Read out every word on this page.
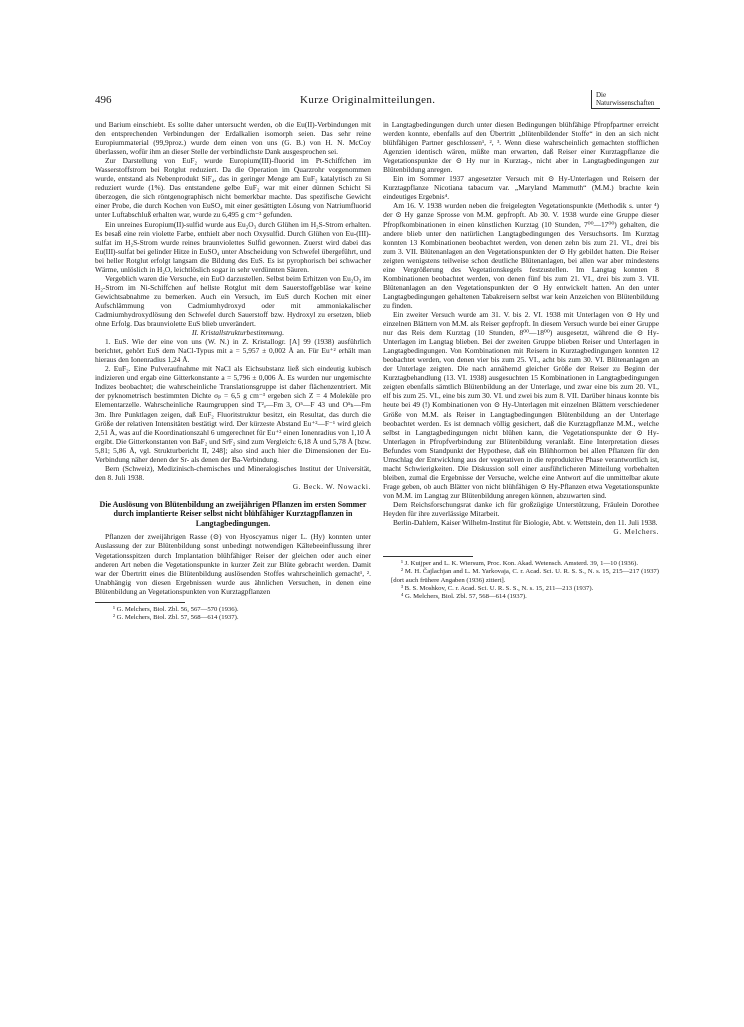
496	Kurze Originalmitteilungen.	Die Naturwissenschaften

und Barium einschiebt. Es sollte daher untersucht werden, ob die Eu(II)-Verbindungen mit den entsprechenden Verbindungen der Erdalkalien isomorph seien. Das sehr reine Europiummaterial (99,9proz.) wurde dem einen von uns (G. B.) von H. N. McCoy überlassen, wofür ihm an dieser Stelle der verbindlichste Dank ausgesprochen sei.

Zur Darstellung von EuF₂ wurde Europium(III)-fluorid im Pt-Schiffchen im Wasserstoffstrom bei Rotglut reduziert. Da die Operation im Quarzrohr vorgenommen wurde, entstand als Nebenprodukt SiF₄, das in geringer Menge am EuF₂ katalytisch zu Si reduziert wurde (1%). Das entstandene gelbe EuF₂ war mit einer dünnen Schicht Si überzogen, die sich röntgenographisch nicht bemerkbar machte. Das spezifische Gewicht einer Probe, die durch Kochen von EuSO₄ mit einer gesättigten Lösung von Natriumfluorid unter Luftabschluß erhalten war, wurde zu 6,495 g cm⁻³ gefunden.

Ein unreines Europium(II)-sulfid wurde aus Eu₂O₃ durch Glühen im H₂S-Strom erhalten. Es besaß eine rein violette Farbe, enthielt aber noch Oxysulfid. Durch Glühen von Eu-(III)-sulfat im H₂S-Strom wurde reines braunviolettes Sulfid gewonnen. Zuerst wird dabei das Eu(III)-sulfat bei gelinder Hitze in EuSO₄ unter Abscheidung von Schwefel übergeführt, und bei heller Rotglut erfolgt langsam die Bildung des EuS. Es ist pyrophorisch bei schwacher Wärme, unlöslich in H₂O, leichtlöslich sogar in sehr verdünnten Säuren.

Vergeblich waren die Versuche, ein EuO darzustellen. Selbst beim Erhitzen von Eu₂O₃ im H₂-Strom im Ni-Schiffchen auf hellste Rotglut mit dem Sauerstoffgebläse war keine Gewichtsabnahme zu bemerken. Auch ein Versuch, im EuS durch Kochen mit einer Aufschlämmung von Cadmiumhydroxyd oder mit ammoniakalischer Cadmiumhydroxydlösung den Schwefel durch Sauerstoff bzw. Hydroxyl zu ersetzen, blieb ohne Erfolg. Das braunviolette EuS blieb unverändert.

II. Kristallstrukturbestimmung.

1. EuS. Wie der eine von uns (W. N.) in Z. Kristallogr. [A] 99 (1938) ausführlich berichtet, gehört EuS dem NaCl-Typus mit a = 5,957 ± 0,002 Å an. Für Eu⁺² erhält man hieraus den Ionenradius 1,24 Å.

2. EuF₂. Eine Pulveraufnahme mit NaCl als Eichsubstanz ließ sich eindeutig kubisch indizieren und ergab eine Gitterkonstante a = 5,796 ± 0,006 Å. Es wurden nur ungemischte Indizes beobachtet; die wahrscheinliche Translationsgruppe ist daher flächenzentriert. Mit der pyknometrisch bestimmten Dichte σₚ = 6,5 g cm⁻³ ergeben sich Z = 4 Moleküle pro Elementarzelle. Wahrscheinliche Raumgruppen sind T²ₐ—Fm 3, O⁵—F 43 und O⁵ₕ—Fm 3m. Ihre Punktlagen zeigen, daß EuF₂ Fluoritstruktur besitzt, ein Resultat, das durch die Größe der relativen Intensitäten bestätigt wird. Der kürzeste Abstand Eu⁺²—F⁻¹ wird gleich 2,51 Å, was auf die Koordinationszahl 6 umgerechnet für Eu⁺² einen Ionenradius von 1,10 Å ergibt. Die Gitterkonstanten von BaF₂ und SrF₂ sind zum Vergleich: 6,18 Å und 5,78 Å [bzw. 5,81; 5,86 Å, vgl. Strukturbericht II, 248]; also sind auch hier die Dimensionen der Eu-Verbindung näher denen der Sr- als denen der Ba-Verbindung.

Bern (Schweiz), Medizinisch-chemisches und Mineralogisches Institut der Universität, den 8. Juli 1938.

G. Beck. W. Nowacki.

Die Auslösung von Blütenbildung an zweijährigen Pflanzen im ersten Sommer durch implantierte Reiser selbst nicht blühfähiger Kurztagpflanzen in Langtagbedingungen.

Pflanzen der zweijährigen Rasse (⊙) von Hyoscyamus niger L. (Hy) konnten unter Auslassung der zur Blütenbildung sonst unbedingt notwendigen Kältebeeinflussung ihrer Vegetationsspitzen durch Implantation blühfähiger Reiser der gleichen oder auch einer anderen Art neben die Vegetationspunkte in kurzer Zeit zur Blüte gebracht werden. Damit war der Übertritt eines die Blütenbildung auslösenden Stoffes wahrscheinlich gemacht¹, ². Unabhängig von diesen Ergebnissen wurde aus ähnlichen Versuchen, in denen eine Blütenbildung an Vegetationspunkten von Kurztagpflanzen

¹ G. Melchers, Biol. Zbl. 56, 567—570 (1936).

² G. Melchers, Biol. Zbl. 57, 568—614 (1937).

in Langtagbedingungen durch unter diesen Bedingungen blühfähige Pfropfpartner erreicht werden konnte, ebenfalls auf den Übertritt „blütenbildender Stoffe“ in den an sich nicht blühfähigen Partner geschlossen¹, ², ³. Wenn diese wahrscheinlich gemachten stofflichen Agenzien identisch wären, müßte man erwarten, daß Reiser einer Kurztagpflanze die Vegetationspunkte der ⊙ Hy nur in Kurztag-, nicht aber in Langtagbedingungen zur Blütenbildung anregen.

Ein im Sommer 1937 angesetzter Versuch mit ⊙ Hy-Unterlagen und Reisern der Kurztagpflanze Nicotiana tabacum var. „Maryland Mammuth“ (M.M.) brachte kein eindeutiges Ergebnis⁴.

Am 16. V. 1938 wurden neben die freigelegten Vegetationspunkte (Methodik s. unter ⁴) der ⊙ Hy ganze Sprosse von M.M. gepfropft. Ab 30. V. 1938 wurde eine Gruppe dieser Pfropfkombinationen in einen künstlichen Kurztag (10 Stunden, 7⁰⁰—17⁰⁰) gehalten, die andere blieb unter den natürlichen Langtagbedingungen des Versuchsorts. Im Kurztag konnten 13 Kombinationen beobachtet werden, von denen zehn bis zum 21. VI., drei bis zum 3. VII. Blütenanlagen an den Vegetationspunkten der ⊙ Hy gebildet hatten. Die Reiser zeigten wenigstens teilweise schon deutliche Blütenanlagen, bei allen war aber mindestens eine Vergrößerung des Vegetationskegels festzustellen. Im Langtag konnten 8 Kombinationen beobachtet werden, von denen fünf bis zum 21. VI., drei bis zum 3. VII. Blütenanlagen an den Vegetationspunkten der ⊙ Hy entwickelt hatten. An den unter Langtagbedingungen gehaltenen Tabakreisern selbst war kein Anzeichen von Blütenbildung zu finden.

Ein zweiter Versuch wurde am 31. V. bis 2. VI. 1938 mit Unterlagen von ⊙ Hy und einzelnen Blättern von M.M. als Reiser gepfropft. In diesem Versuch wurde bei einer Gruppe nur das Reis dem Kurztag (10 Stunden, 8⁰⁰—18⁰⁰) ausgesetzt, während die ⊙ Hy-Unterlagen im Langtag blieben. Bei der zweiten Gruppe blieben Reiser und Unterlagen in Langtagbedingungen. Von Kombinationen mit Reisern in Kurztagbedingungen konnten 12 beobachtet werden, von denen vier bis zum 25. VI., acht bis zum 30. VI. Blütenanlagen an der Unterlage zeigten. Die nach annähernd gleicher Größe der Reiser zu Beginn der Kurztagbehandlung (13. VI. 1938) ausgesuchten 15 Kombinationen in Langtagbedingungen zeigten ebenfalls sämtlich Blütenbildung an der Unterlage, und zwar eine bis zum 20. VI., elf bis zum 25. VI., eine bis zum 30. VI. und zwei bis zum 8. VII. Darüber hinaus konnte bis heute bei 49 (!) Kombinationen von ⊙ Hy-Unterlagen mit einzelnen Blättern verschiedener Größe von M.M. als Reiser in Langtagbedingungen Blütenbildung an der Unterlage beobachtet werden. Es ist demnach völlig gesichert, daß die Kurztagpflanze M.M., welche selbst in Langtagbedingungen nicht blühen kann, die Vegetationspunkte der ⊙ Hy-Unterlagen in Pfropfverbindung zur Blütenbildung veranlaßt. Eine Interpretation dieses Befundes vom Standpunkt der Hypothese, daß ein Blühhormon bei allen Pflanzen für den Umschlag der Entwicklung aus der vegetativen in die reproduktive Phase verantwortlich ist, macht Schwierigkeiten. Die Diskussion soll einer ausführlicheren Mitteilung vorbehalten bleiben, zumal die Ergebnisse der Versuche, welche eine Antwort auf die unmittelbar akute Frage geben, ob auch Blätter von nicht blühfähigen ⊙ Hy-Pflanzen etwa Vegetationspunkte von M.M. im Langtag zur Blütenbildung anregen können, abzuwarten sind.

Dem Reichsforschungsrat danke ich für großzügige Unterstützung, Fräulein Dorothee Heyden für ihre zuverlässige Mitarbeit.

Berlin-Dahlem, Kaiser Wilhelm-Institut für Biologie, Abt. v. Wettstein, den 11. Juli 1938.

G. Melchers.

¹ J. Kuijper and L. K. Wiersum, Proc. Kon. Akad. Wetensch. Amsterd. 39, 1—10 (1936).

² M. H. Čajlachjan and L. M. Yarkovaja, C. r. Acad. Sci. U. R. S. S., N. s. 15, 215—217 (1937) [dort auch frühere Angaben (1936) zitiert].

³ B. S. Moshkov, C. r. Acad. Sci. U. R. S. S., N. s. 15, 211—213 (1937).

⁴ G. Melchers, Biol. Zbl. 57, 568—614 (1937).
